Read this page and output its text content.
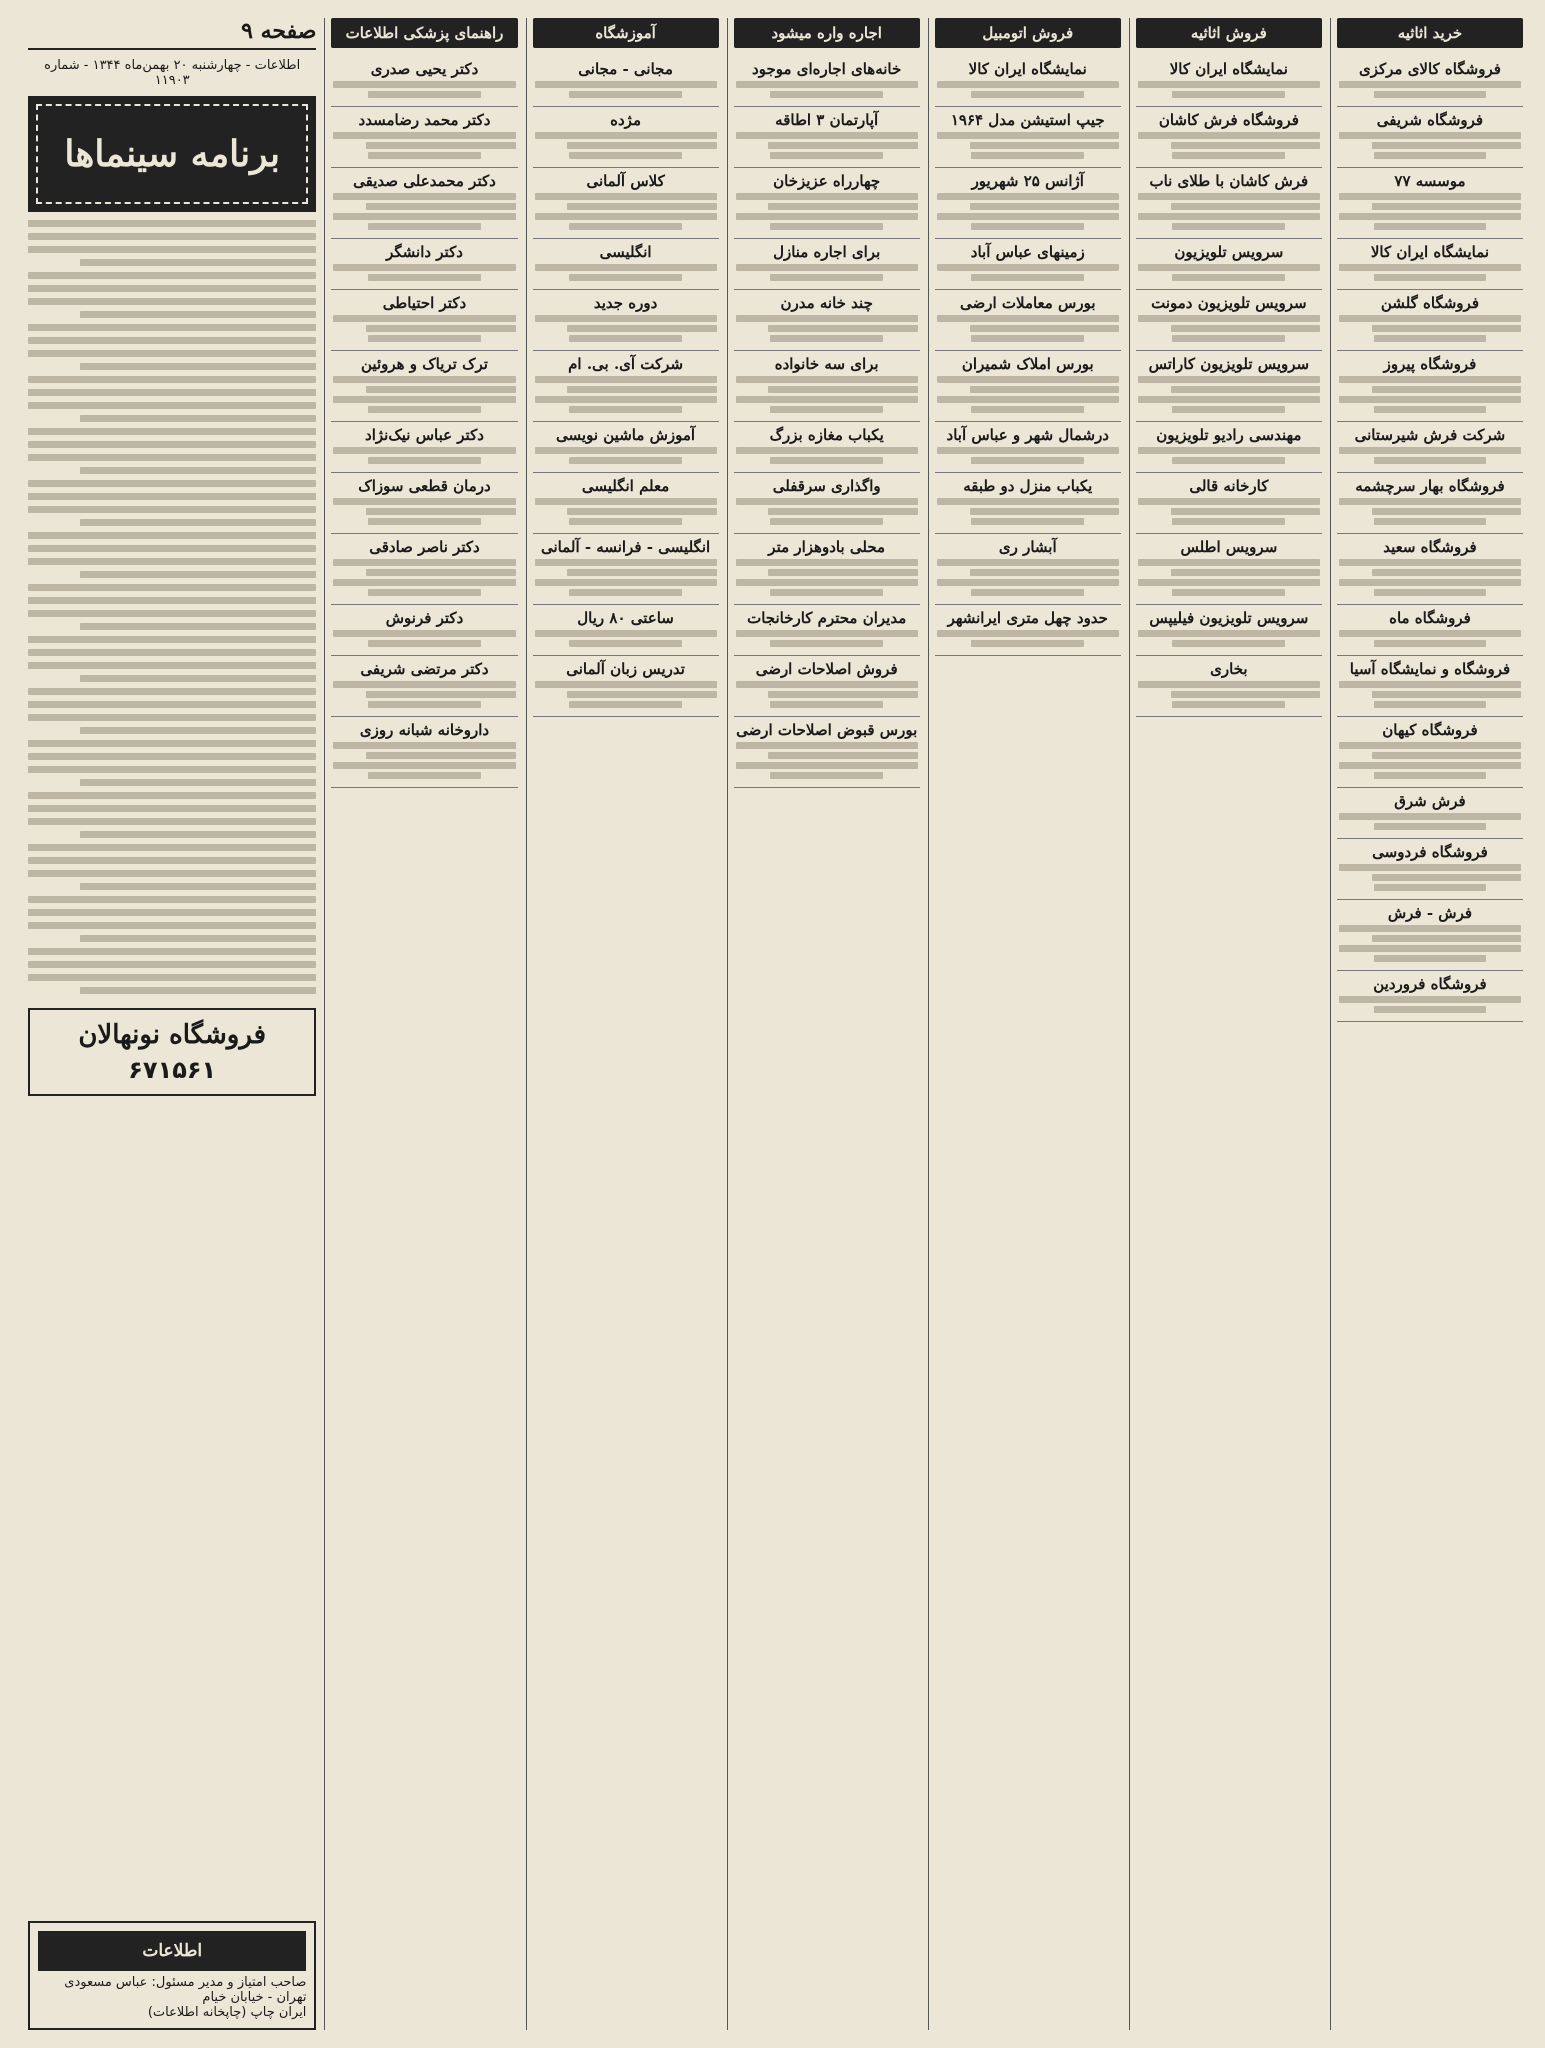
خرید اثاثیه
فروشگاه کالای مرکزی
فروشگاه شریفی
موسسه ۷۷
نمایشگاه ایران کالا
فروشگاه گلشن
فروشگاه پیروز
شرکت فرش شیرستانی
فروشگاه بهار سرچشمه
فروشگاه سعید
فروشگاه ماه
فروشگاه و نمایشگاه آسیا
فروشگاه کیهان
فرش شرق
فروشگاه فردوسی
فرش - فرش
فروشگاه فروردین
فروش اثاثیه
نمایشگاه ایران کالا
فروشگاه فرش کاشان
فرش کاشان با طلای ناب
سرویس تلویزیون
سرویس تلویزیون دمونت
سرویس تلویزیون کاراتس
مهندسی رادیو تلویزیون
کارخانه قالی
سرویس اطلس
سرویس تلویزیون فیلیپس
بخاری
فروش اتومبیل
نمایشگاه ایران کالا
جیپ استیشن مدل ۱۹۶۴
آژانس ۲۵ شهریور
زمینهای عباس آباد
بورس معاملات ارضی
بورس املاک شمیران
درشمال شهر و عباس آباد
یکباب منزل دو طبقه
آبشار ری
حدود چهل متری ایرانشهر
اجاره واره میشود
خانه‌های اجاره‌ای موجود
آپارتمان ۳ اطاقه
چهارراه عزیزخان
برای اجاره منازل
چند خانه مدرن
برای سه خانواده
یکباب مغازه بزرگ
واگذاری سرقفلی
محلی بادوهزار متر
مدیران محترم کارخانجات
فروش اصلاحات ارضی
بورس قبوض اصلاحات ارضی
آموزشگاه
مجانی - مجانی
مژده
کلاس آلمانی
انگلیسی
دوره جدید
شرکت آی. بی. ام
آموزش ماشین نویسی
معلم انگلیسی
انگلیسی - فرانسه - آلمانی
ساعتی ۸۰ ریال
تدریس زبان آلمانی
راهنمای پزشکی اطلاعات
دکتر یحیی صدری
دکتر محمد رضامسدد
دکتر محمدعلی صدیقی
دکتر دانشگر
دکتر احتیاطی
ترک تریاک و هروئین
دکتر عباس نیک‌نژاد
درمان قطعی سوزاک
دکتر ناصر صادقی
دکتر فرنوش
دکتر مرتضی شریفی
داروخانه شبانه روزی
صفحه ۹
اطلاعات - چهارشنبه ۲۰ بهمن‌ماه ۱۳۴۴ - شماره ۱۱۹۰۳
برنامه سینماها
فروشگاه نونهالان
۶۷۱۵۶۱
اطلاعات
صاحب امتیاز و مدیر مسئول: عباس مسعودی
تهران - خیابان خیام
ایران چاپ (چاپخانه اطلاعات)
